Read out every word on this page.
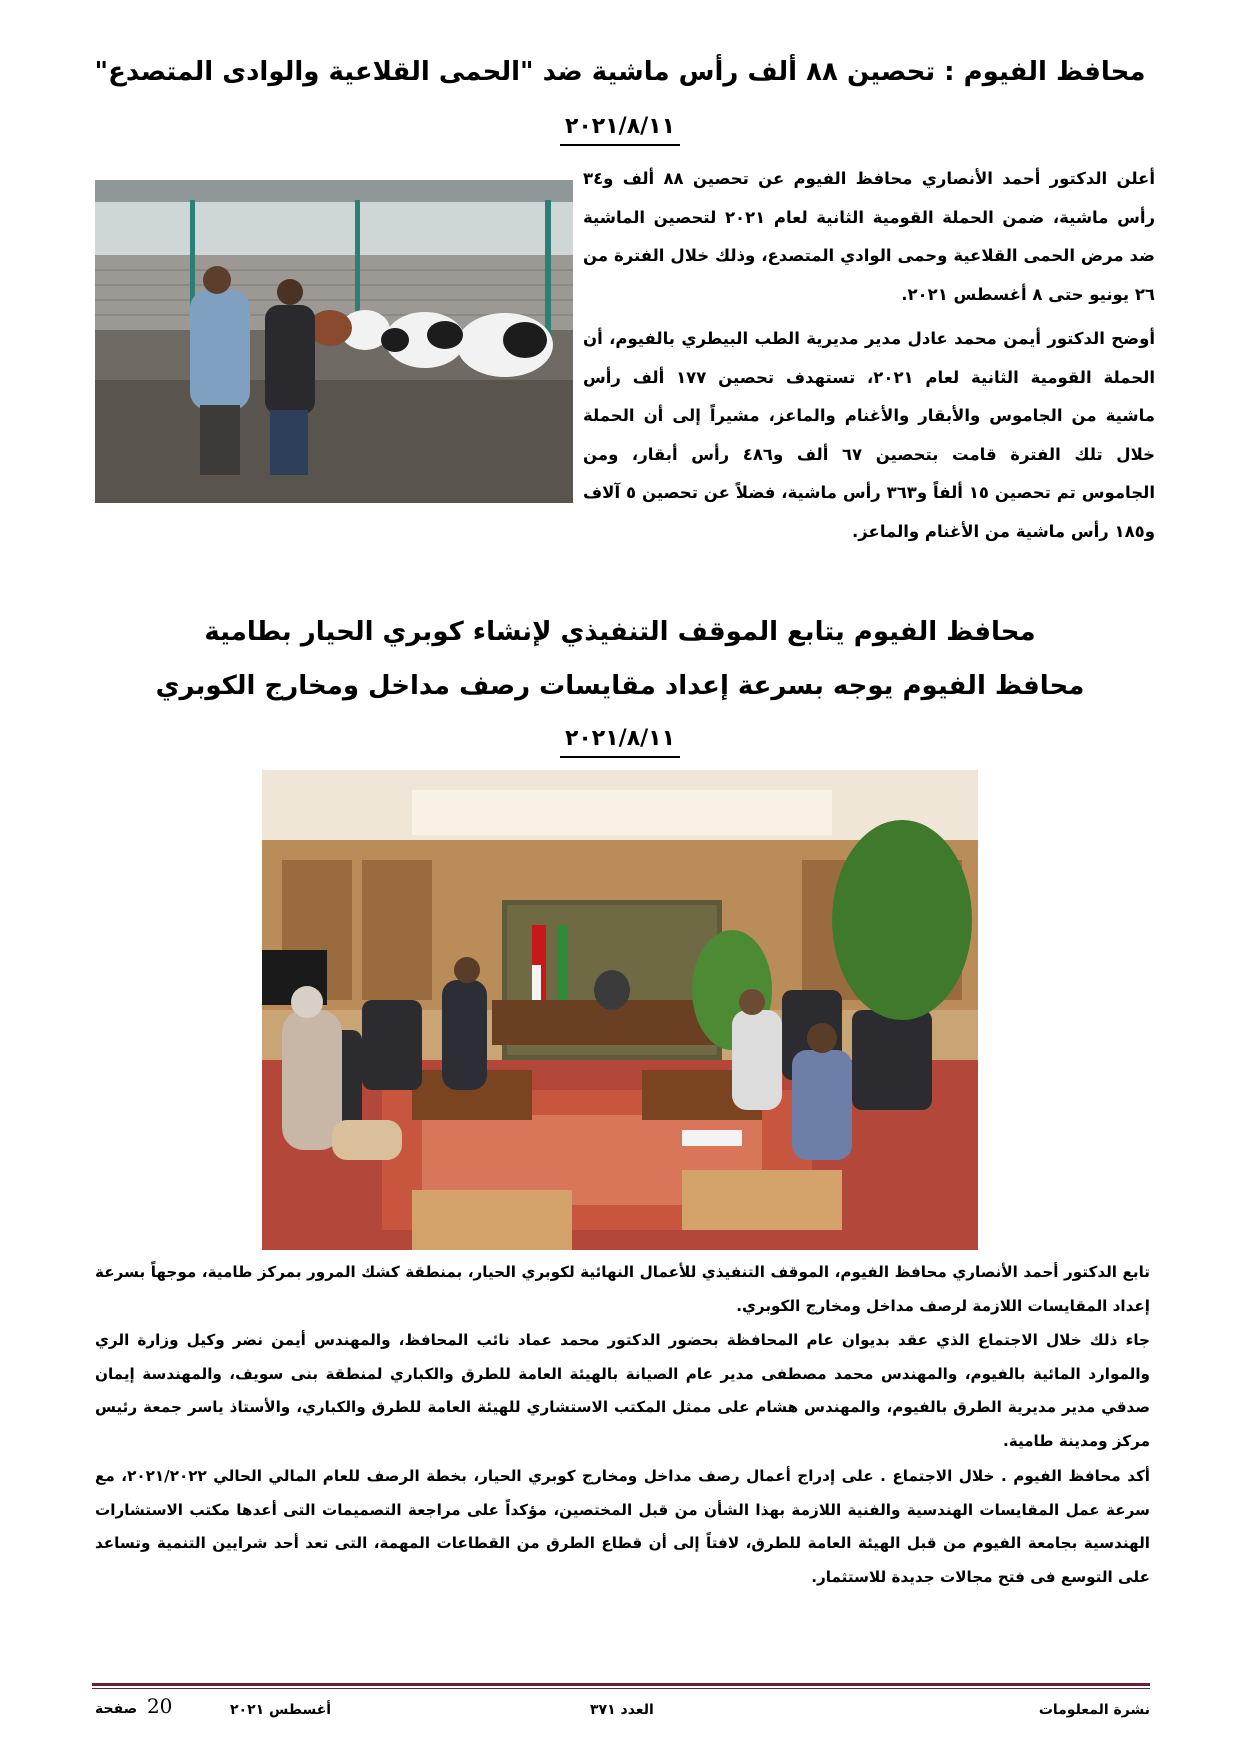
محافظ الفيوم : تحصين ٨٨ ألف رأس ماشية ضد "الحمى القلاعية والوادى المتصدع"
٢٠٢١/٨/١١

أعلن الدكتور أحمد الأنصاري محافظ الفيوم عن تحصين ٨٨ ألف و٣٤ رأس ماشية، ضمن الحملة القومية الثانية لعام ٢٠٢١ لتحصين الماشية ضد مرض الحمى القلاعية وحمى الوادي المتصدع، وذلك خلال الفترة من ٢٦ يونيو حتى ٨ أغسطس ٢٠٢١.

أوضح الدكتور أيمن محمد عادل مدير مديرية الطب البيطري بالفيوم، أن الحملة القومية الثانية لعام ٢٠٢١، تستهدف تحصين ١٧٧ ألف رأس ماشية من الجاموس والأبقار والأغنام والماعز، مشيراً إلى أن الحملة خلال تلك الفترة قامت بتحصين ٦٧ ألف و٤٨٦ رأس أبقار، ومن الجاموس تم تحصين ١٥ ألفاً و٣٦٣ رأس ماشية، فضلاً عن تحصين ٥ آلاف و١٨٥ رأس ماشية من الأغنام والماعز.

محافظ الفيوم يتابع الموقف التنفيذي لإنشاء كوبري الحيار بطامية
محافظ الفيوم يوجه بسرعة إعداد مقايسات رصف مداخل ومخارج الكوبري
٢٠٢١/٨/١١

تابع الدكتور أحمد الأنصاري محافظ الفيوم، الموقف التنفيذي للأعمال النهائية لكوبري الحيار، بمنطقة كشك المرور بمركز طامية، موجهاً بسرعة إعداد المقايسات اللازمة لرصف مداخل ومخارج الكوبري.

جاء ذلك خلال الاجتماع الذي عقد بديوان عام المحافظة بحضور الدكتور محمد عماد نائب المحافظ، والمهندس أيمن نضر وكيل وزارة الري والموارد المائية بالفيوم، والمهندس محمد مصطفى مدير عام الصيانة بالهيئة العامة للطرق والكباري لمنطقة بنى سويف، والمهندسة إيمان صدقي مدير مديرية الطرق بالفيوم، والمهندس هشام على ممثل المكتب الاستشاري للهيئة العامة للطرق والكباري، والأستاذ ياسر جمعة رئيس مركز ومدينة طامية.

أكد محافظ الفيوم . خلال الاجتماع . على إدراج أعمال رصف مداخل ومخارج كوبري الحيار، بخطة الرصف للعام المالي الحالي ٢٠٢١/٢٠٢٢، مع سرعة عمل المقايسات الهندسية والفنية اللازمة بهذا الشأن من قبل المختصين، مؤكداً على مراجعة التصميمات التى أعدها مكتب الاستشارات الهندسية بجامعة الفيوم من قبل الهيئة العامة للطرق، لافتاً إلى أن قطاع الطرق من القطاعات المهمة، التى تعد أحد شرايين التنمية وتساعد على التوسع فى فتح مجالات جديدة للاستثمار.

نشرة المعلومات
العدد ٣٧١
أغسطس ٢٠٢١
20  صفحة
